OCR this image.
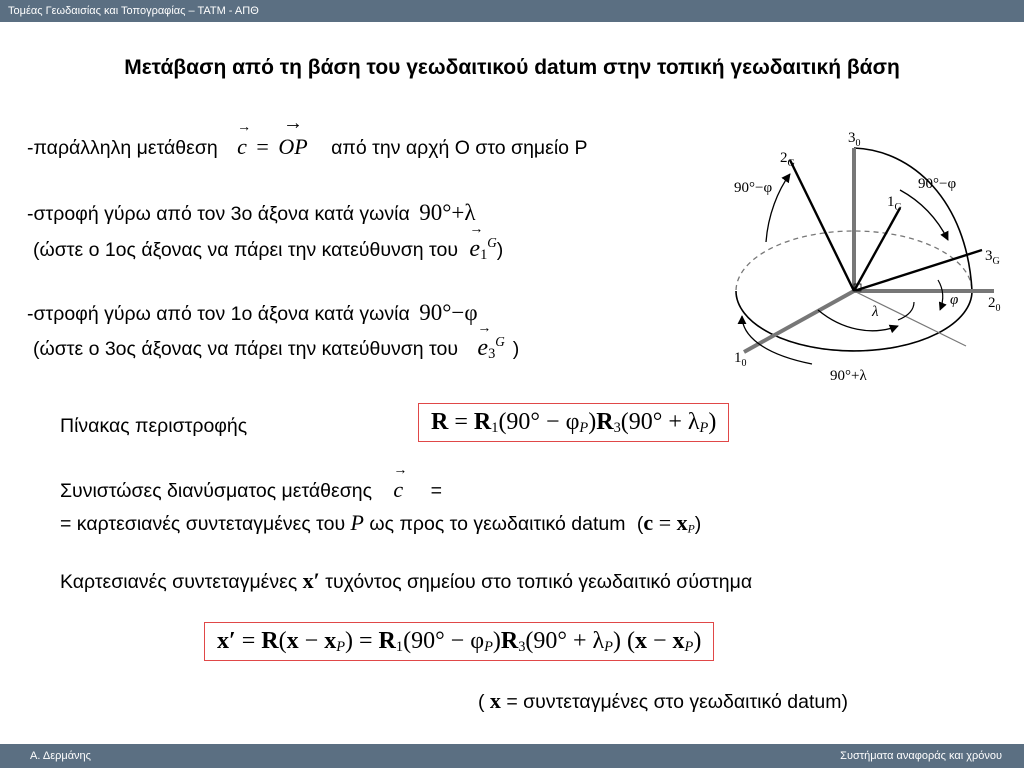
Τομέας Γεωδαισίας και Τοπογραφίας – ΤΑΤΜ - ΑΠΘ
Μετάβαση από τη βάση του γεωδαιτικού datum στην τοπική γεωδαιτική βάση
-παράλληλη μετάθεση
→
c =
→
OP από την αρχή O στο σημείο P
-στροφή γύρω από τον 3ο άξονα κατά γωνία 90°+λ
(ώστε ο 1ος άξονας να πάρει την κατεύθυνση του
→
$e_1^G$)
-στροφή γύρω από τον 1ο άξονα κατά γωνία 90°−φ
(ώστε ο 3ος άξονας να πάρει την κατεύθυνση του
→
$e_3^G$ )
$3_0$
$2_G$
$1_G$
$3_G$
$2_0$
$1_0$
90°−φ	90°−φ
90°+λ
φ
λ
Πίνακας περιστροφής	$R = R_1(90^\circ - \varphi_P)R_3(90^\circ + \lambda_P)$
Συνιστώσες διανύσματος μετάθεσης
→
c =
= καρτεσιανές συντεταγμένες του P ως προς το γεωδαιτικό datum $(c = x_P)$
Καρτεσιανές συντεταγμένες x′ τυχόντος σημείου στο τοπικό γεωδαιτικό σύστημα
$x' = R(x - x_P) = R_1(90^\circ - \varphi_P)R_3(90^\circ + \lambda_P)$ $(x - x_P)$
( x = συντεταγμένες στο γεωδαιτικό datum)
Α. Δερμάνης	Συστήματα αναφοράς και χρόνου
